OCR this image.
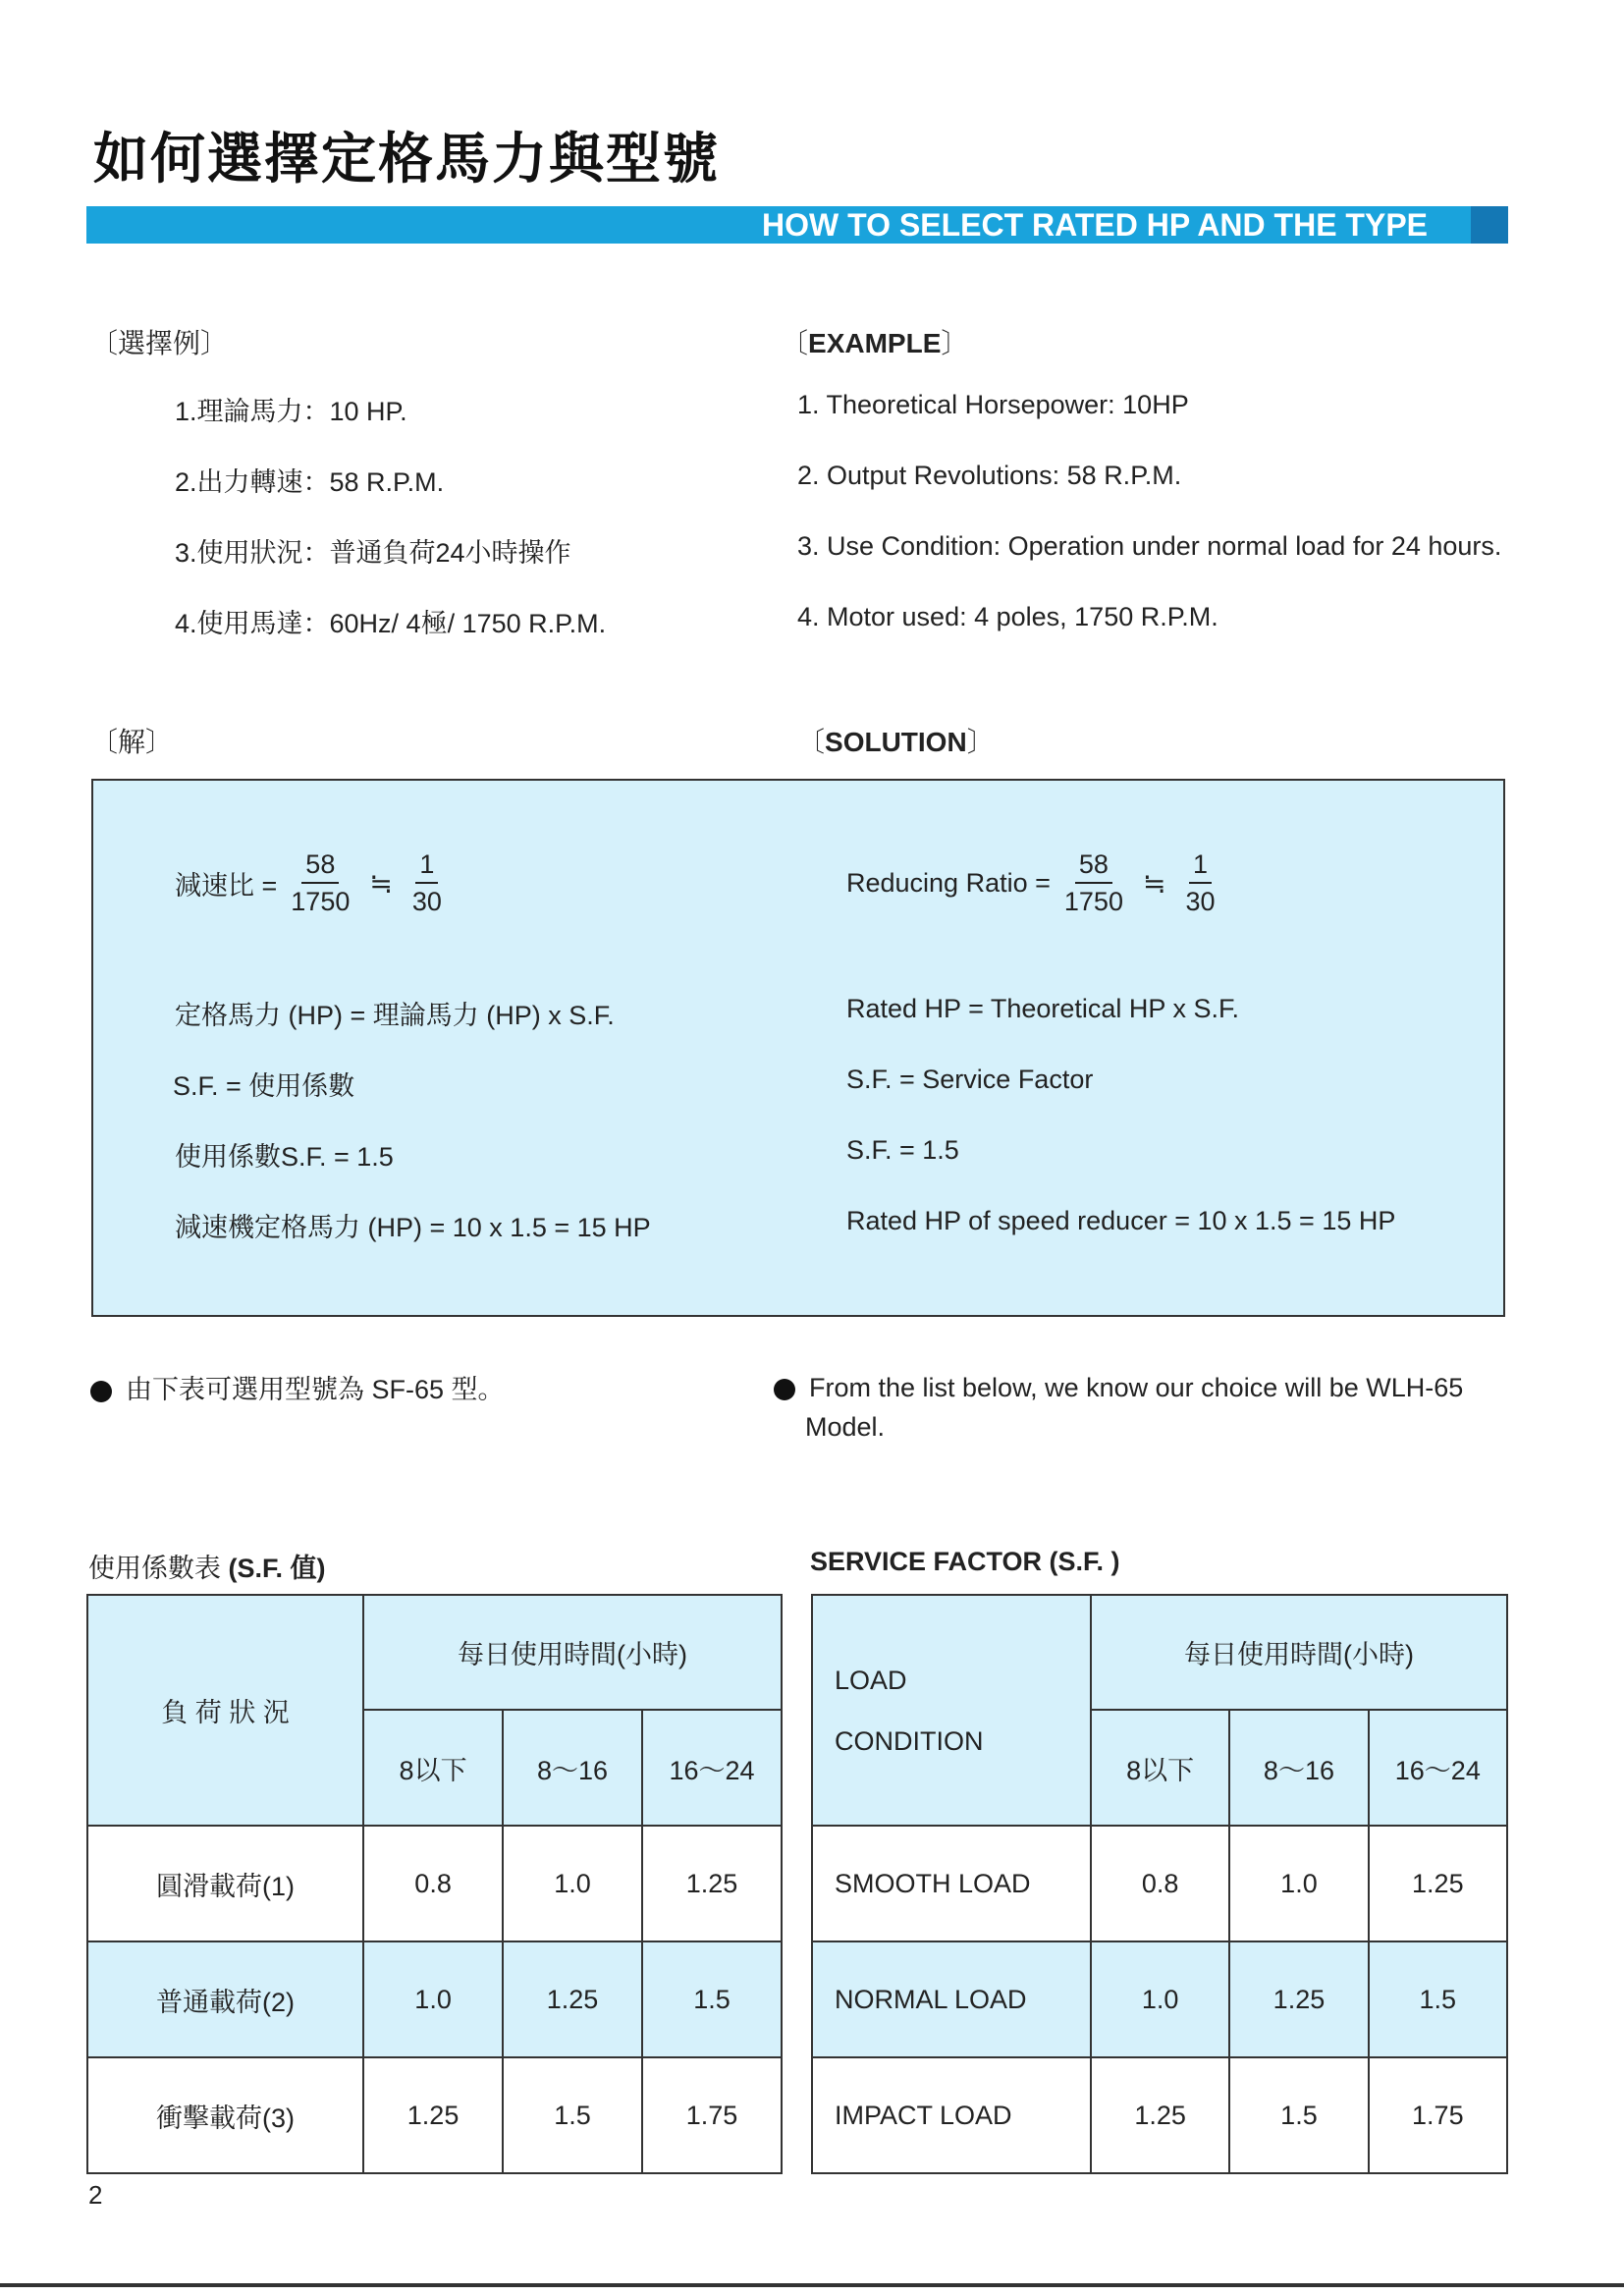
如何選擇定格馬力與型號
HOW TO SELECT RATED HP AND THE TYPE
〔選擇例〕	〔EXAMPLE〕
1.理論馬力：10 HP.
2.出力轉速：58 R.P.M.
3.使用狀況：普通負荷24小時操作
4.使用馬達：60Hz/ 4極/ 1750 R.P.M.
1. Theoretical Horsepower: 10HP
2. Output Revolutions: 58 R.P.M.
3. Use Condition: Operation under normal load for 24 hours.
4. Motor used: 4 poles, 1750 R.P.M.
〔解〕	〔SOLUTION〕
減速比 = $\frac{58}{1750}$ ≒ $\frac{1}{30}$	Reducing Ratio = $\frac{58}{1750}$ ≒ $\frac{1}{30}$
定格馬力 (HP) = 理論馬力 (HP) x S.F.
S.F. = 使用係數
使用係數S.F. = 1.5
減速機定格馬力 (HP) = 10 x 1.5 = 15 HP
Rated HP = Theoretical HP x S.F.
S.F. = Service Factor
S.F. = 1.5
Rated HP of speed reducer = 10 x 1.5 = 15 HP
由下表可選用型號為 SF-65 型。	From the list below, we know our choice will be WLH-65
Model.
使用係數表 (S.F. 值)	SERVICE FACTOR (S.F. )
負 荷 狀 況	每日使用時間(小時)		
	8以下	8～16	16～24
圓滑載荷(1)	0.8	1.0	1.25
普通載荷(2)	1.0	1.25	1.5
衝擊載荷(3)	1.25	1.5	1.75
LOAD
CONDITION	每日使用時間(小時)		
	8以下	8～16	16～24
SMOOTH LOAD	0.8	1.0	1.25
NORMAL LOAD	1.0	1.25	1.5
IMPACT LOAD	1.25	1.5	1.75
2
